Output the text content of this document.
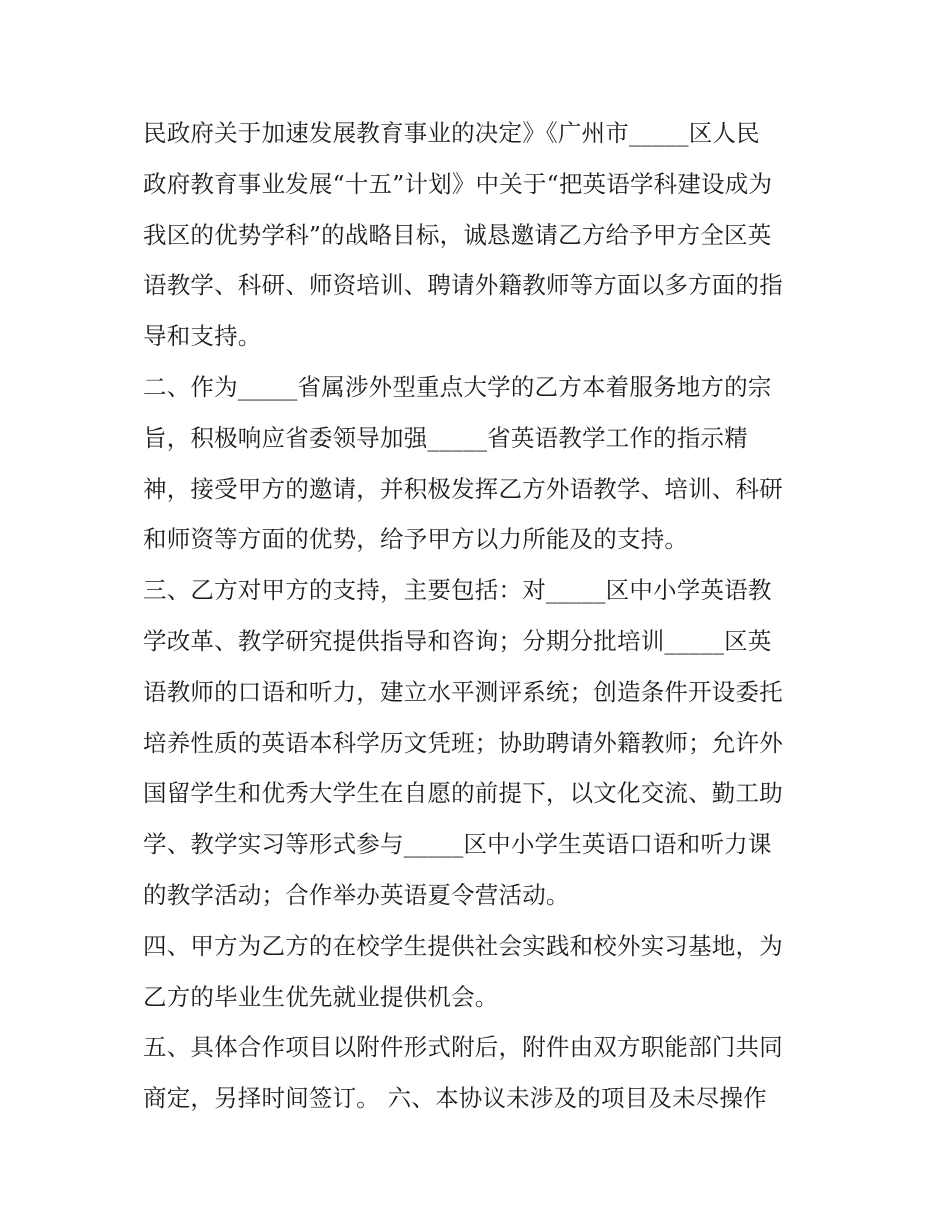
民政府关于加速发展教育事业的决定》《广州市_____区人民
政府教育事业发展“十五”计划》中关于“把英语学科建设成为
我区的优势学科”的战略目标，诚恳邀请乙方给予甲方全区英
语教学、科研、师资培训、聘请外籍教师等方面以多方面的指
导和支持。
二、作为_____省属涉外型重点大学的乙方本着服务地方的宗
旨，积极响应省委领导加强_____省英语教学工作的指示精
神，接受甲方的邀请，并积极发挥乙方外语教学、培训、科研
和师资等方面的优势，给予甲方以力所能及的支持。
三、乙方对甲方的支持，主要包括：对_____区中小学英语教
学改革、教学研究提供指导和咨询；分期分批培训_____区英
语教师的口语和听力，建立水平测评系统；创造条件开设委托
培养性质的英语本科学历文凭班；协助聘请外籍教师；允许外
国留学生和优秀大学生在自愿的前提下，以文化交流、勤工助
学、教学实习等形式参与_____区中小学生英语口语和听力课
的教学活动；合作举办英语夏令营活动。
四、甲方为乙方的在校学生提供社会实践和校外实习基地，为
乙方的毕业生优先就业提供机会。
五、具体合作项目以附件形式附后，附件由双方职能部门共同
商定，另择时间签订。 六、本协议未涉及的项目及未尽操作
